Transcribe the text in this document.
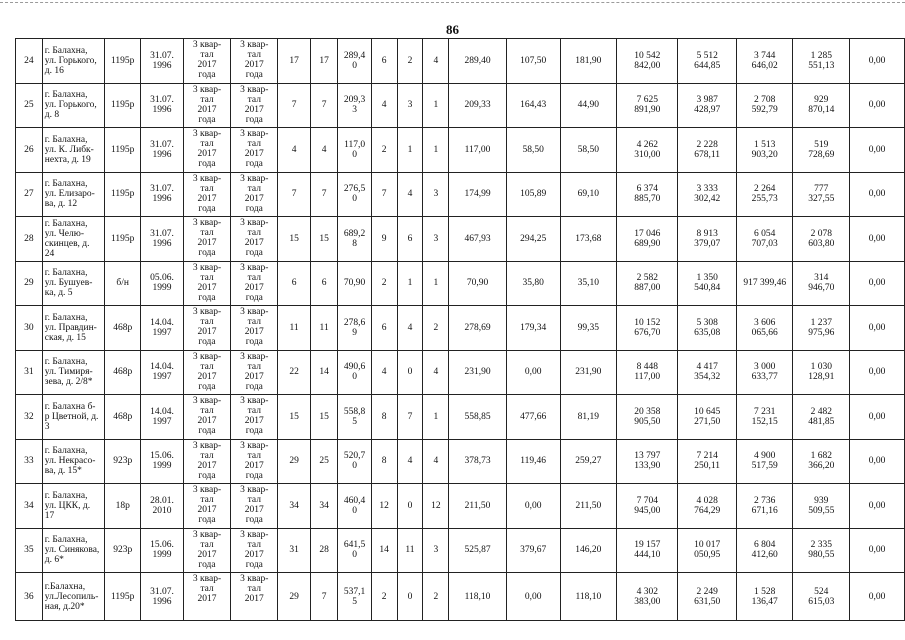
86
24	г. Балахна,
ул. Горького,
д. 16	1195р	31.07.
1996	3 квар-
тал
2017
года	3 квар-
тал
2017
года	17	17	289,4
0	6	2	4	289,40	107,50	181,90	10 542
842,00	5 512
644,85	3 744
646,02	1 285
551,13	0,00
25	г. Балахна,
ул. Горького,
д. 8	1195р	31.07.
1996	3 квар-
тал
2017
года	3 квар-
тал
2017
года	7	7	209,3
3	4	3	1	209,33	164,43	44,90	7 625
891,90	3 987
428,97	2 708
592,79	929
870,14	0,00
26	г. Балахна,
ул. К. Либк-
нехта, д. 19	1195р	31.07.
1996	3 квар-
тал
2017
года	3 квар-
тал
2017
года	4	4	117,0
0	2	1	1	117,00	58,50	58,50	4 262
310,00	2 228
678,11	1 513
903,20	519
728,69	0,00
27	г. Балахна,
ул. Елизаро-
ва, д. 12	1195р	31.07.
1996	3 квар-
тал
2017
года	3 квар-
тал
2017
года	7	7	276,5
0	7	4	3	174,99	105,89	69,10	6 374
885,70	3 333
302,42	2 264
255,73	777
327,55	0,00
28	г. Балахна,
ул. Челю-
скинцев, д.
24	1195р	31.07.
1996	3 квар-
тал
2017
года	3 квар-
тал
2017
года	15	15	689,2
8	9	6	3	467,93	294,25	173,68	17 046
689,90	8 913
379,07	6 054
707,03	2 078
603,80	0,00
29	г. Балахна,
ул. Бушуев-
ка, д. 5	б/н	05.06.
1999	3 квар-
тал
2017
года	3 квар-
тал
2017
года	6	6	70,90	2	1	1	70,90	35,80	35,10	2 582
887,00	1 350
540,84	917 399,46	314
946,70	0,00
30	г. Балахна,
ул. Правдин-
ская, д. 15	468р	14.04.
1997	3 квар-
тал
2017
года	3 квар-
тал
2017
года	11	11	278,6
9	6	4	2	278,69	179,34	99,35	10 152
676,70	5 308
635,08	3 606
065,66	1 237
975,96	0,00
31	г. Балахна,
ул. Тимиря-
зева, д. 2/8*	468р	14.04.
1997	3 квар-
тал
2017
года	3 квар-
тал
2017
года	22	14	490,6
0	4	0	4	231,90	0,00	231,90	8 448
117,00	4 417
354,32	3 000
633,77	1 030
128,91	0,00
32	г. Балахна б-
р Цветной, д.
3	468р	14.04.
1997	3 квар-
тал
2017
года	3 квар-
тал
2017
года	15	15	558,8
5	8	7	1	558,85	477,66	81,19	20 358
905,50	10 645
271,50	7 231
152,15	2 482
481,85	0,00
33	г. Балахна,
ул. Некрасо-
ва, д. 15*	923р	15.06.
1999	3 квар-
тал
2017
года	3 квар-
тал
2017
года	29	25	520,7
0	8	4	4	378,73	119,46	259,27	13 797
133,90	7 214
250,11	4 900
517,59	1 682
366,20	0,00
34	г. Балахна,
ул. ЦКК, д.
17	18р	28.01.
2010	3 квар-
тал
2017
года	3 квар-
тал
2017
года	34	34	460,4
0	12	0	12	211,50	0,00	211,50	7 704
945,00	4 028
764,29	2 736
671,16	939
509,55	0,00
35	г. Балахна,
ул. Синякова,
д. 6*	923р	15.06.
1999	3 квар-
тал
2017
года	3 квар-
тал
2017
года	31	28	641,5
0	14	11	3	525,87	379,67	146,20	19 157
444,10	10 017
050,95	6 804
412,60	2 335
980,55	0,00
36	г.Балахна,
ул.Лесопиль-
ная, д.20*	1195р	31.07.
1996	3 квар-
тал
2017	3 квар-
тал
2017	29	7	537,1
5	2	0	2	118,10	0,00	118,10	4 302
383,00	2 249
631,50	1 528
136,47	524
615,03	0,00
